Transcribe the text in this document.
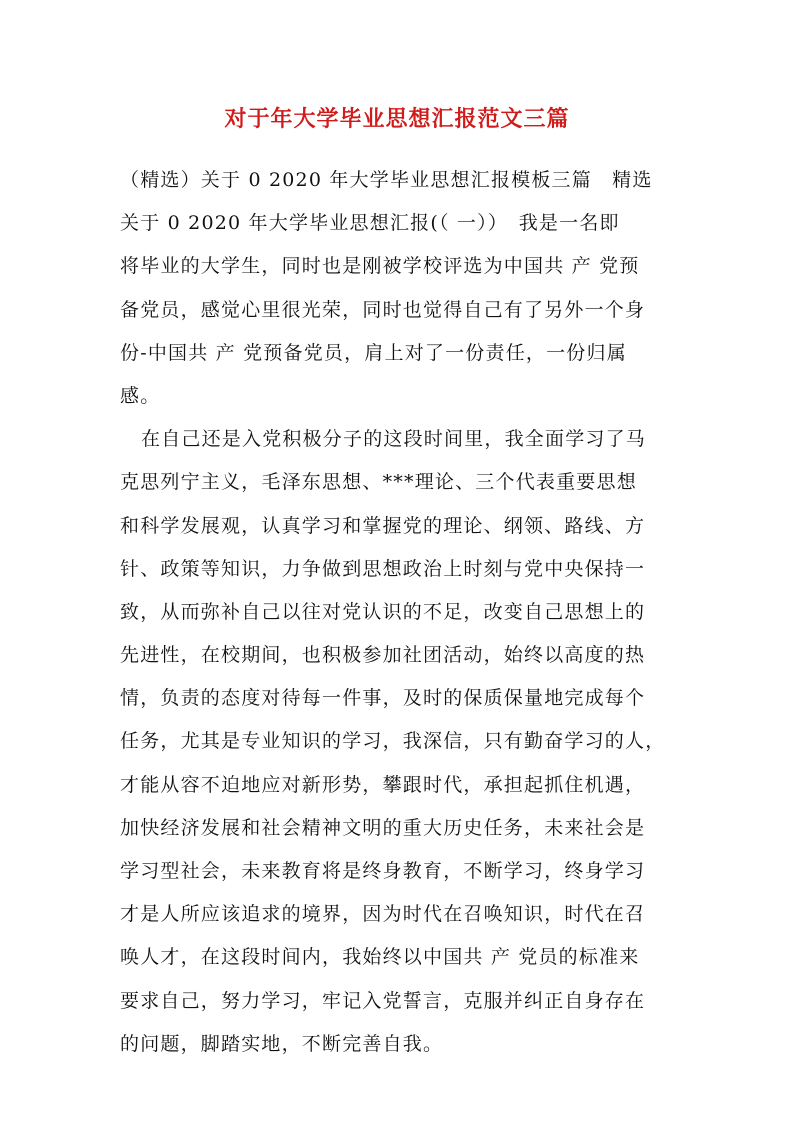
对于年大学毕业思想汇报范文三篇
（精选）关于 0 2020 年大学毕业思想汇报模板三篇　精选
关于 0 2020 年大学毕业思想汇报(（ 一））　我是一名即
将毕业的大学生，同时也是刚被学校评选为中国共 产 党预
备党员，感觉心里很光荣，同时也觉得自己有了另外一个身
份-中国共 产 党预备党员，肩上对了一份责任，一份归属
感。
在自己还是入党积极分子的这段时间里，我全面学习了马
克思列宁主义，毛泽东思想、***理论、三个代表重要思想
和科学发展观，认真学习和掌握党的理论、纲领、路线、方
针、政策等知识，力争做到思想政治上时刻与党中央保持一
致，从而弥补自己以往对党认识的不足，改变自己思想上的
先进性，在校期间，也积极参加社团活动，始终以高度的热
情，负责的态度对待每一件事，及时的保质保量地完成每个
任务，尤其是专业知识的学习，我深信，只有勤奋学习的人，
才能从容不迫地应对新形势，攀跟时代，承担起抓住机遇，
加快经济发展和社会精神文明的重大历史任务，未来社会是
学习型社会，未来教育将是终身教育，不断学习，终身学习
才是人所应该追求的境界，因为时代在召唤知识，时代在召
唤人才，在这段时间内，我始终以中国共 产 党员的标准来
要求自己，努力学习，牢记入党誓言，克服并纠正自身存在
的问题，脚踏实地，不断完善自我。
